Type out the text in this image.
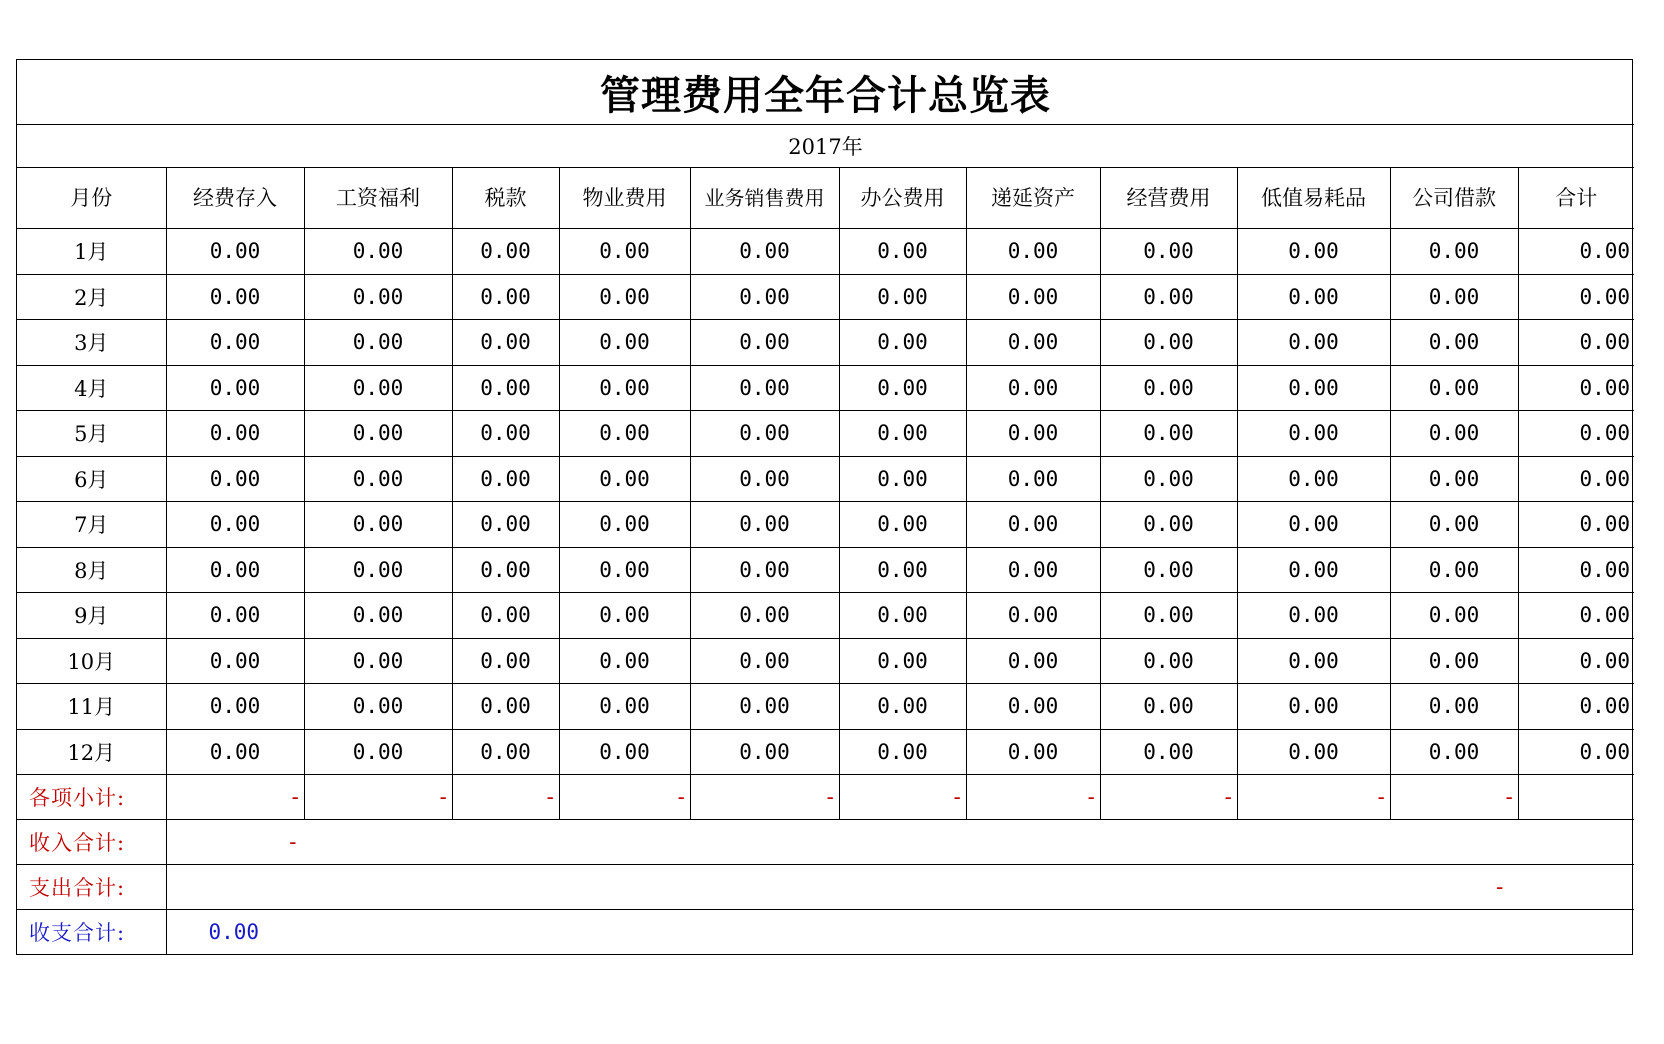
管理费用全年合计总览表											
2017年											
月份	经费存入	工资福利	税款	物业费用	业务销售费用	办公费用	递延资产	经营费用	低值易耗品	公司借款	合计
1月	0.00	0.00	0.00	0.00	0.00	0.00	0.00	0.00	0.00	0.00	0.00
2月	0.00	0.00	0.00	0.00	0.00	0.00	0.00	0.00	0.00	0.00	0.00
3月	0.00	0.00	0.00	0.00	0.00	0.00	0.00	0.00	0.00	0.00	0.00
4月	0.00	0.00	0.00	0.00	0.00	0.00	0.00	0.00	0.00	0.00	0.00
5月	0.00	0.00	0.00	0.00	0.00	0.00	0.00	0.00	0.00	0.00	0.00
6月	0.00	0.00	0.00	0.00	0.00	0.00	0.00	0.00	0.00	0.00	0.00
7月	0.00	0.00	0.00	0.00	0.00	0.00	0.00	0.00	0.00	0.00	0.00
8月	0.00	0.00	0.00	0.00	0.00	0.00	0.00	0.00	0.00	0.00	0.00
9月	0.00	0.00	0.00	0.00	0.00	0.00	0.00	0.00	0.00	0.00	0.00
10月	0.00	0.00	0.00	0.00	0.00	0.00	0.00	0.00	0.00	0.00	0.00
11月	0.00	0.00	0.00	0.00	0.00	0.00	0.00	0.00	0.00	0.00	0.00
12月	0.00	0.00	0.00	0.00	0.00	0.00	0.00	0.00	0.00	0.00	0.00
各项小计:	-	-	-	-	-	-	-	-	-	-	
收入合计:	-										
支出合计:	-										
收支合计:	0.00										
